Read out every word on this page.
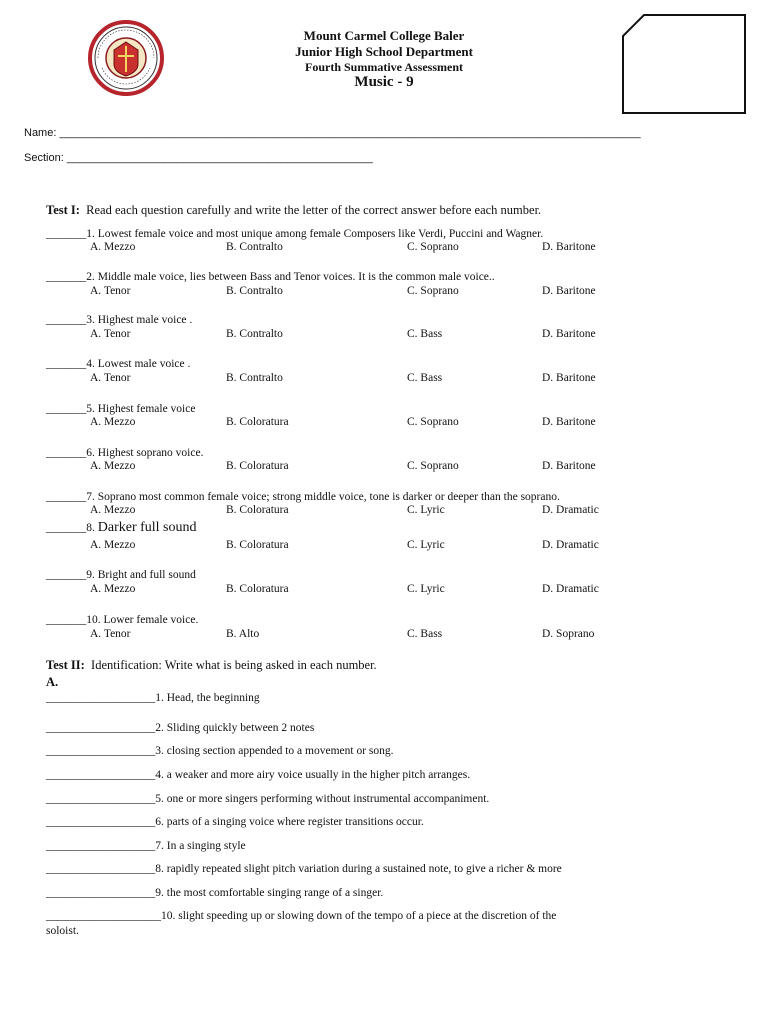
Mount Carmel College Baler
Junior High School Department
Fourth Summative Assessment
Music - 9
Name: _______________________________________________________________________________________________
Section: __________________________________________________
Test I: Read each question carefully and write the letter of the correct answer before each number.
_______1. Lowest female voice and most unique among female Composers like Verdi, Puccini and Wagner.
A. Mezzo	B. Contralto	C. Soprano	D. Baritone
_______2. Middle male voice, lies between Bass and Tenor voices. It is the common male voice..
A. Tenor	B. Contralto	C. Soprano	D. Baritone
_______3. Highest male voice .
A. Tenor	B. Contralto	C. Bass	D. Baritone
_______4. Lowest male voice .
A. Tenor	B. Contralto	C. Bass	D. Baritone
_______5. Highest female voice
A. Mezzo	B. Coloratura	C. Soprano	D. Baritone
_______6. Highest soprano voice.
A. Mezzo	B. Coloratura	C. Soprano	D. Baritone
_______7. Soprano most common female voice; strong middle voice, tone is darker or deeper than the soprano.
A. Mezzo	B. Coloratura	C. Lyric	D. Dramatic
_______8. Darker full sound
A. Mezzo	B. Coloratura	C. Lyric	D. Dramatic
_______9. Bright and full sound
A. Mezzo	B. Coloratura	C. Lyric	D. Dramatic
_______10. Lower female voice.
A. Tenor	B. Alto	C. Bass	D. Soprano
Test II: Identification: Write what is being asked in each number.
A.
___________________1. Head, the beginning
___________________2. Sliding quickly between 2 notes
___________________3. closing section appended to a movement or song.
___________________4. a weaker and more airy voice usually in the higher pitch arranges.
___________________5. one or more singers performing without instrumental accompaniment.
___________________6. parts of a singing voice where register transitions occur.
___________________7. In a singing style
___________________8. rapidly repeated slight pitch variation during a sustained note, to give a richer & more
___________________9. the most comfortable singing range of a singer.
____________________10. slight speeding up or slowing down of the tempo of a piece at the discretion of the
soloist.
